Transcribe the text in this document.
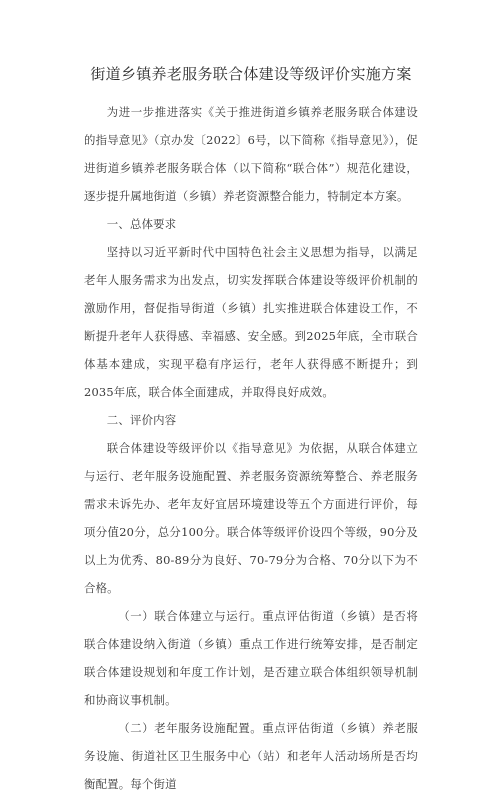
街道乡镇养老服务联合体建设等级评价实施方案

为进一步推进落实《关于推进街道乡镇养老服务联合体建设的指导意见》（京办发〔2022〕6号，以下简称《指导意见》），促进街道乡镇养老服务联合体（以下简称“联合体”）规范化建设，逐步提升属地街道（乡镇）养老资源整合能力，特制定本方案。

一、总体要求

坚持以习近平新时代中国特色社会主义思想为指导，以满足老年人服务需求为出发点，切实发挥联合体建设等级评价机制的激励作用，督促指导街道（乡镇）扎实推进联合体建设工作，不断提升老年人获得感、幸福感、安全感。到2025年底，全市联合体基本建成，实现平稳有序运行，老年人获得感不断提升；到2035年底，联合体全面建成，并取得良好成效。

二、评价内容

联合体建设等级评价以《指导意见》为依据，从联合体建立与运行、老年服务设施配置、养老服务资源统筹整合、养老服务需求未诉先办、老年友好宜居环境建设等五个方面进行评价，每项分值20分，总分100分。联合体等级评价设四个等级，90分及以上为优秀、80-89分为良好、70-79分为合格、70分以下为不合格。

（一）联合体建立与运行。重点评估街道（乡镇）是否将联合体建设纳入街道（乡镇）重点工作进行统筹安排，是否制定联合体建设规划和年度工作计划，是否建立联合体组织领导机制和协商议事机制。

（二）老年服务设施配置。重点评估街道（乡镇）养老服务设施、街道社区卫生服务中心（站）和老年人活动场所是否均衡配置。每个街道
